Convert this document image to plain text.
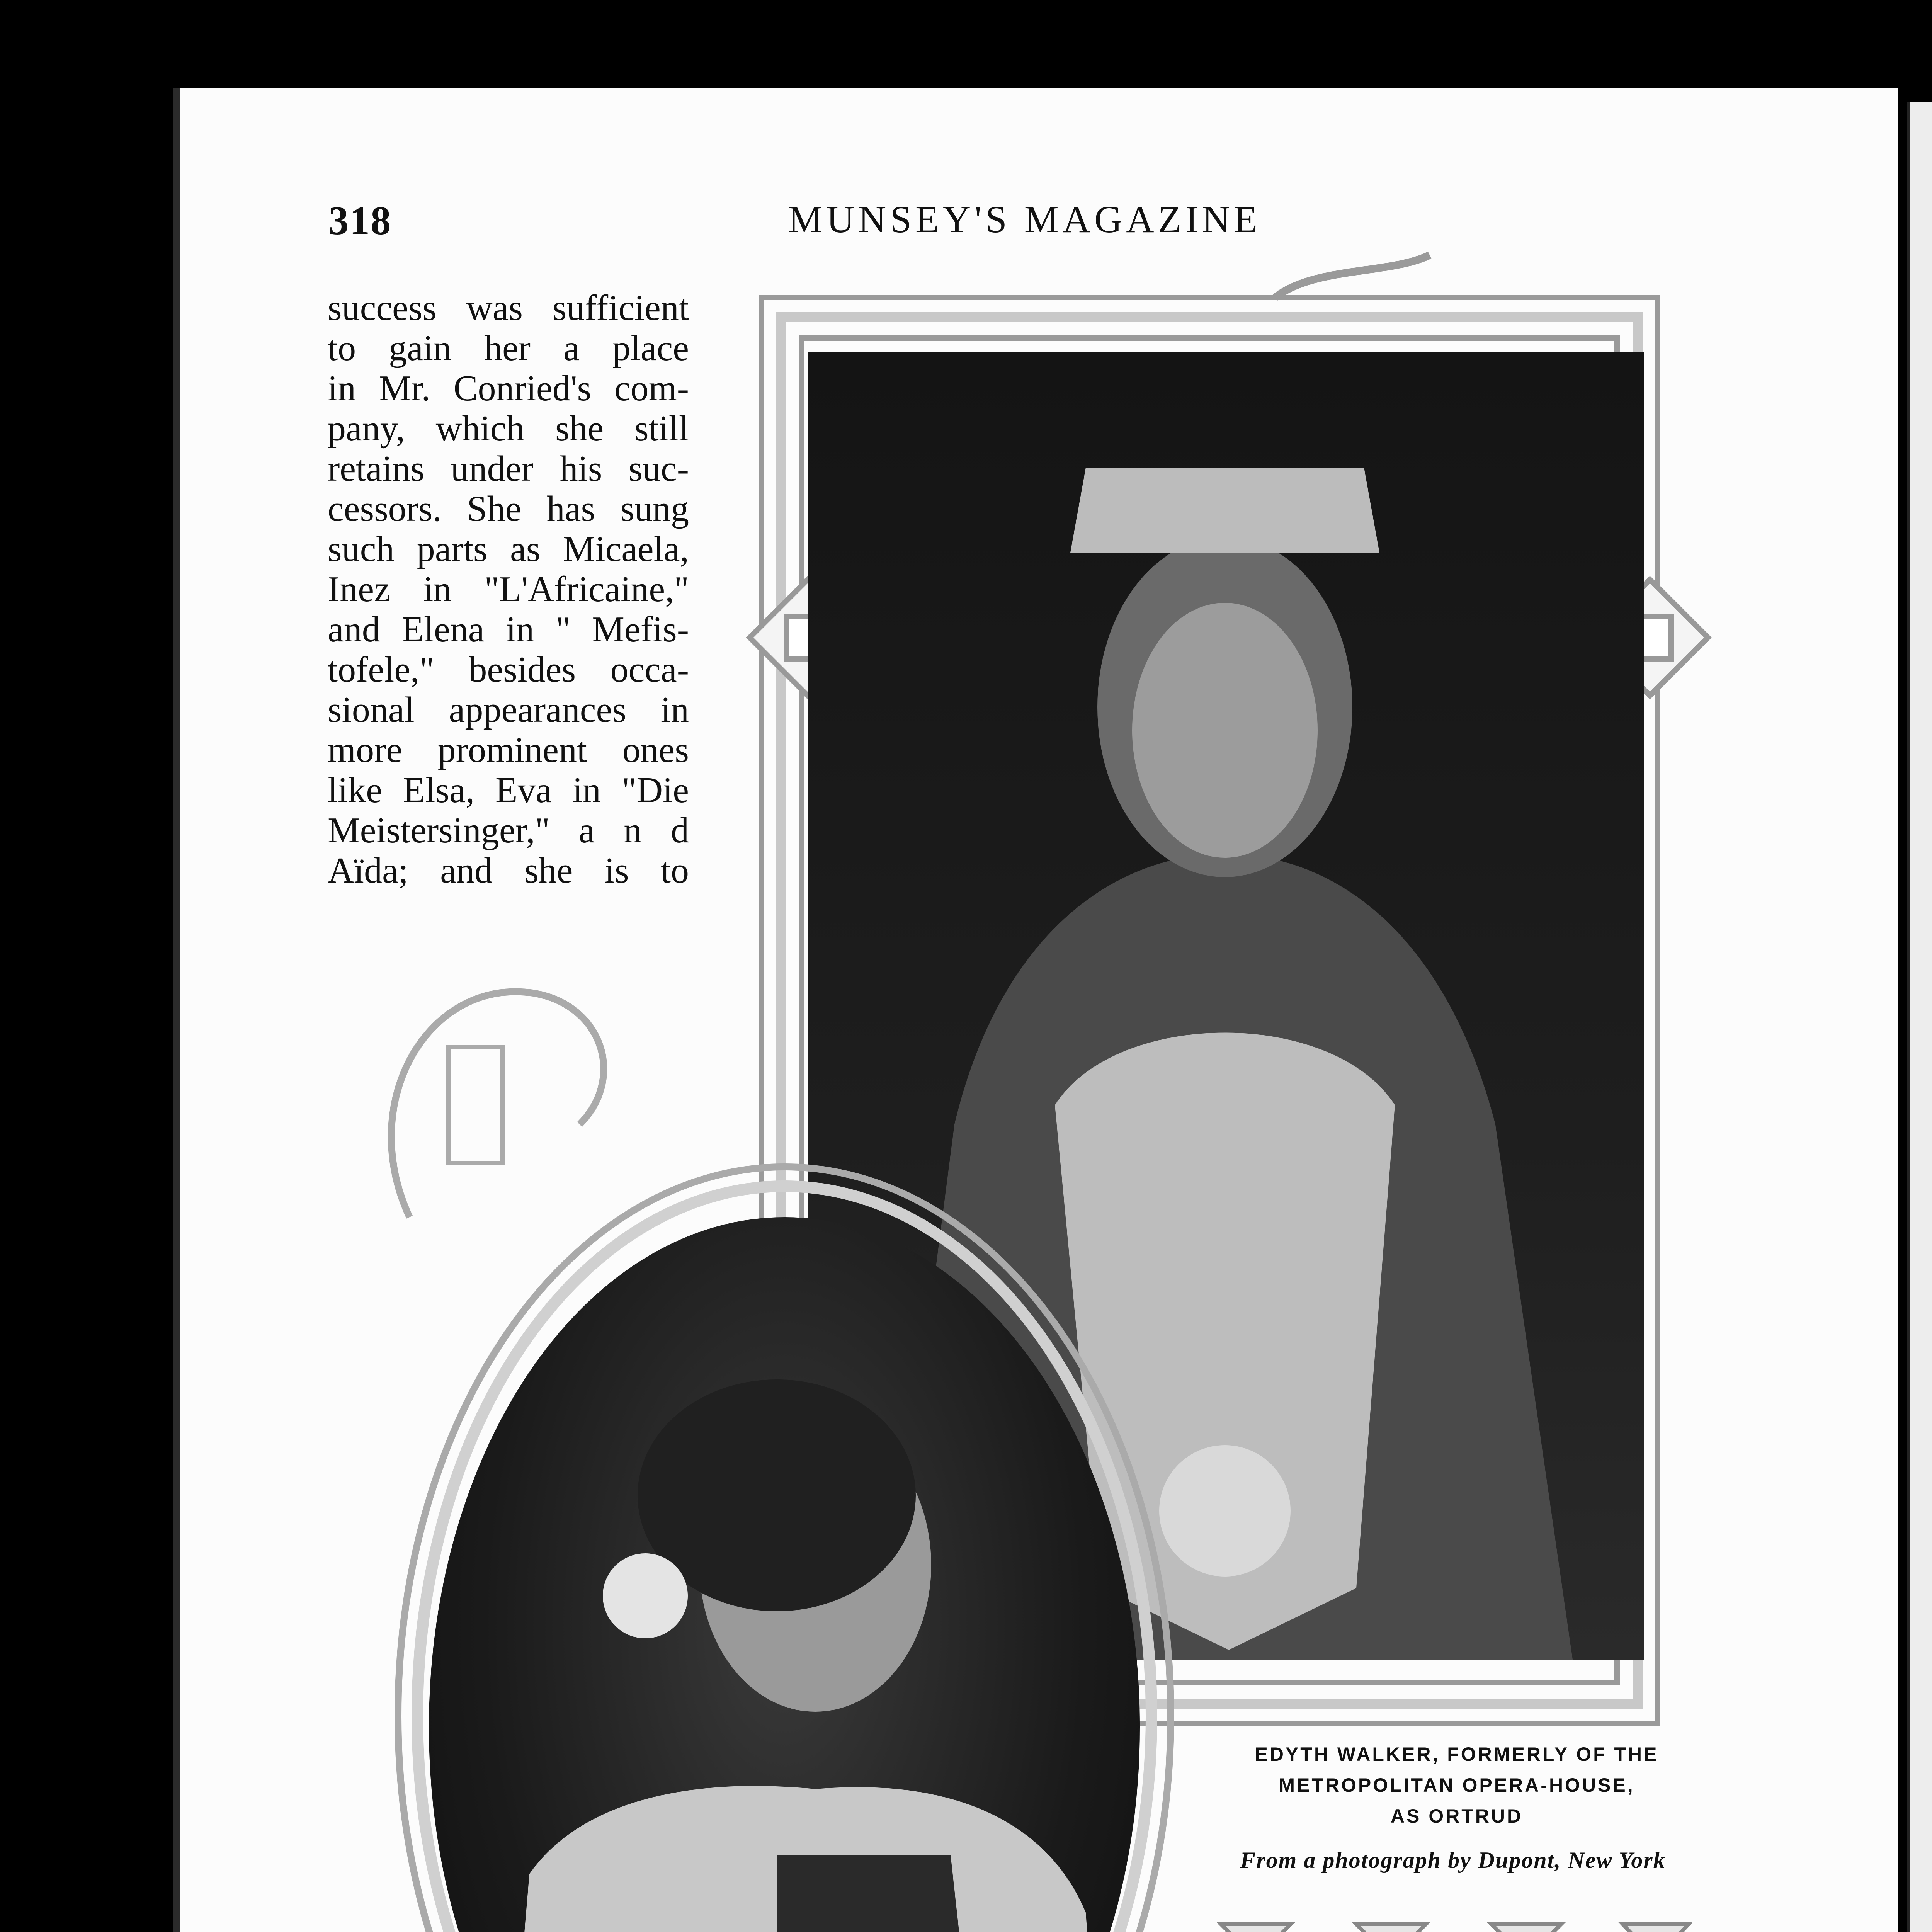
318	MUNSEY'S MAGAZINE
success was sufficient
to gain her a place
in Mr. Conried's com-
pany, which she still
retains under his suc-
cessors. She has sung
such parts as Micaela,
Inez in "L'Africaine,"
and Elena in " Mefis-
tofele," besides occa-
sional appearances in
more prominent ones
like Elsa, Eva in "Die
Meistersinger," a n d
Aïda; and she is to
EDYTH WALKER, FORMERLY OF THE
METROPOLITAN OPERA-HOUSE,
AS ORTRUD
From a photograph by Dupont, New York
